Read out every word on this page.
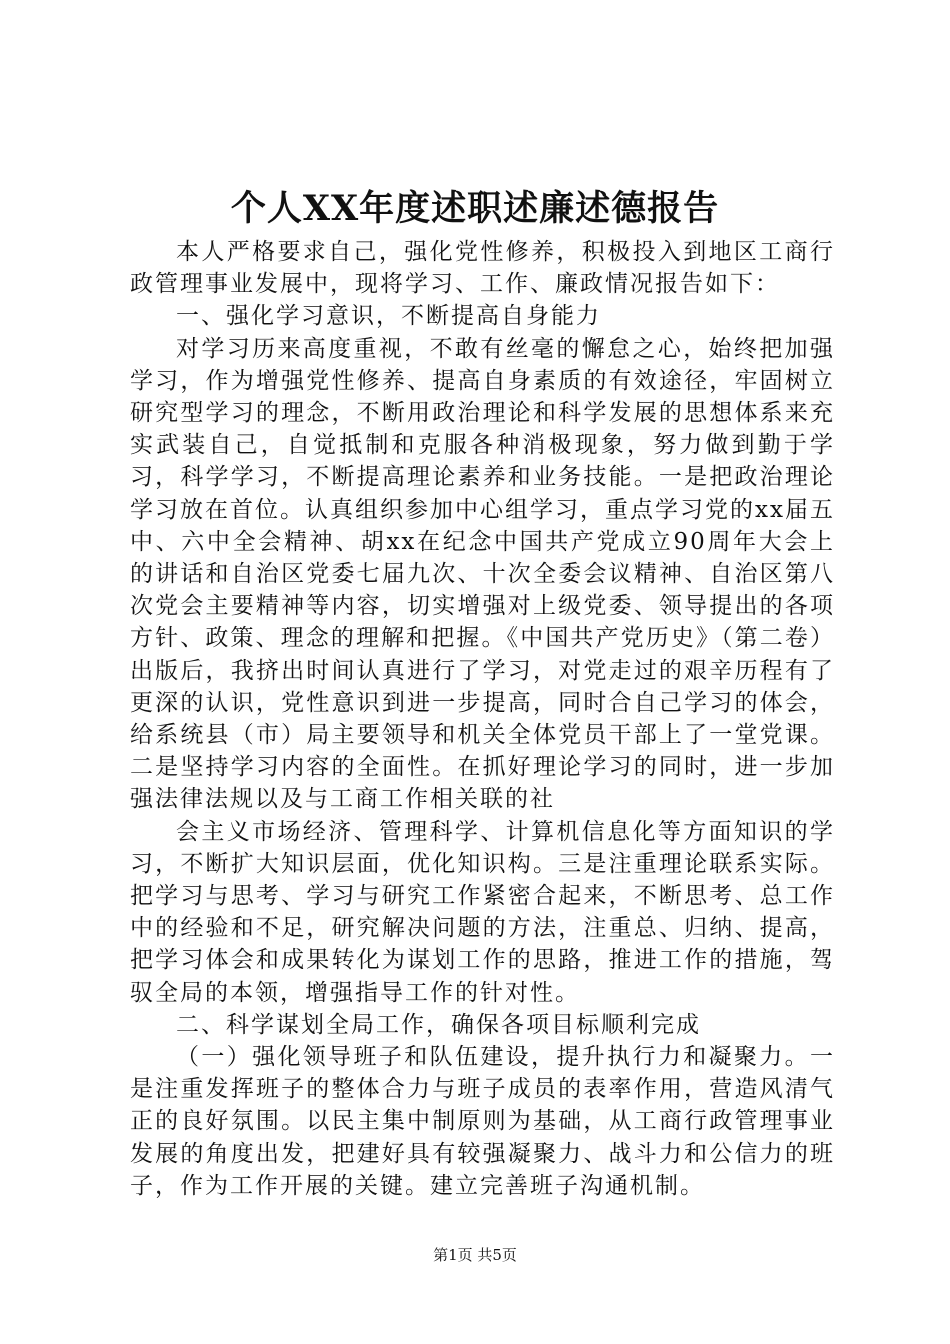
个人XX年度述职述廉述德报告

本人严格要求自己，强化党性修养，积极投入到地区工商行政管理事业发展中，现将学习、工作、廉政情况报告如下：

一、强化学习意识，不断提高自身能力

对学习历来高度重视，不敢有丝毫的懈怠之心，始终把加强学习，作为增强党性修养、提高自身素质的有效途径，牢固树立研究型学习的理念，不断用政治理论和科学发展的思想体系来充实武装自己，自觉抵制和克服各种消极现象，努力做到勤于学习，科学学习，不断提高理论素养和业务技能。一是把政治理论学习放在首位。认真组织参加中心组学习，重点学习党的xx届五中、六中全会精神、胡xx在纪念中国共产党成立90周年大会上的讲话和自治区党委七届九次、十次全委会议精神、自治区第八次党会主要精神等内容，切实增强对上级党委、领导提出的各项方针、政策、理念的理解和把握。《中国共产党历史》（第二卷）出版后，我挤出时间认真进行了学习，对党走过的艰辛历程有了更深的认识，党性意识到进一步提高，同时合自己学习的体会，给系统县（市）局主要领导和机关全体党员干部上了一堂党课。二是坚持学习内容的全面性。在抓好理论学习的同时，进一步加强法律法规以及与工商工作相关联的社

会主义市场经济、管理科学、计算机信息化等方面知识的学习，不断扩大知识层面，优化知识构。三是注重理论联系实际。把学习与思考、学习与研究工作紧密合起来，不断思考、总工作中的经验和不足，研究解决问题的方法，注重总、归纳、提高，把学习体会和成果转化为谋划工作的思路，推进工作的措施，驾驭全局的本领，增强指导工作的针对性。

二、科学谋划全局工作，确保各项目标顺利完成

（一）强化领导班子和队伍建设，提升执行力和凝聚力。一是注重发挥班子的整体合力与班子成员的表率作用，营造风清气正的良好氛围。以民主集中制原则为基础，从工商行政管理事业发展的角度出发，把建好具有较强凝聚力、战斗力和公信力的班子，作为工作开展的关键。建立完善班子沟通机制。

第1页 共5页
